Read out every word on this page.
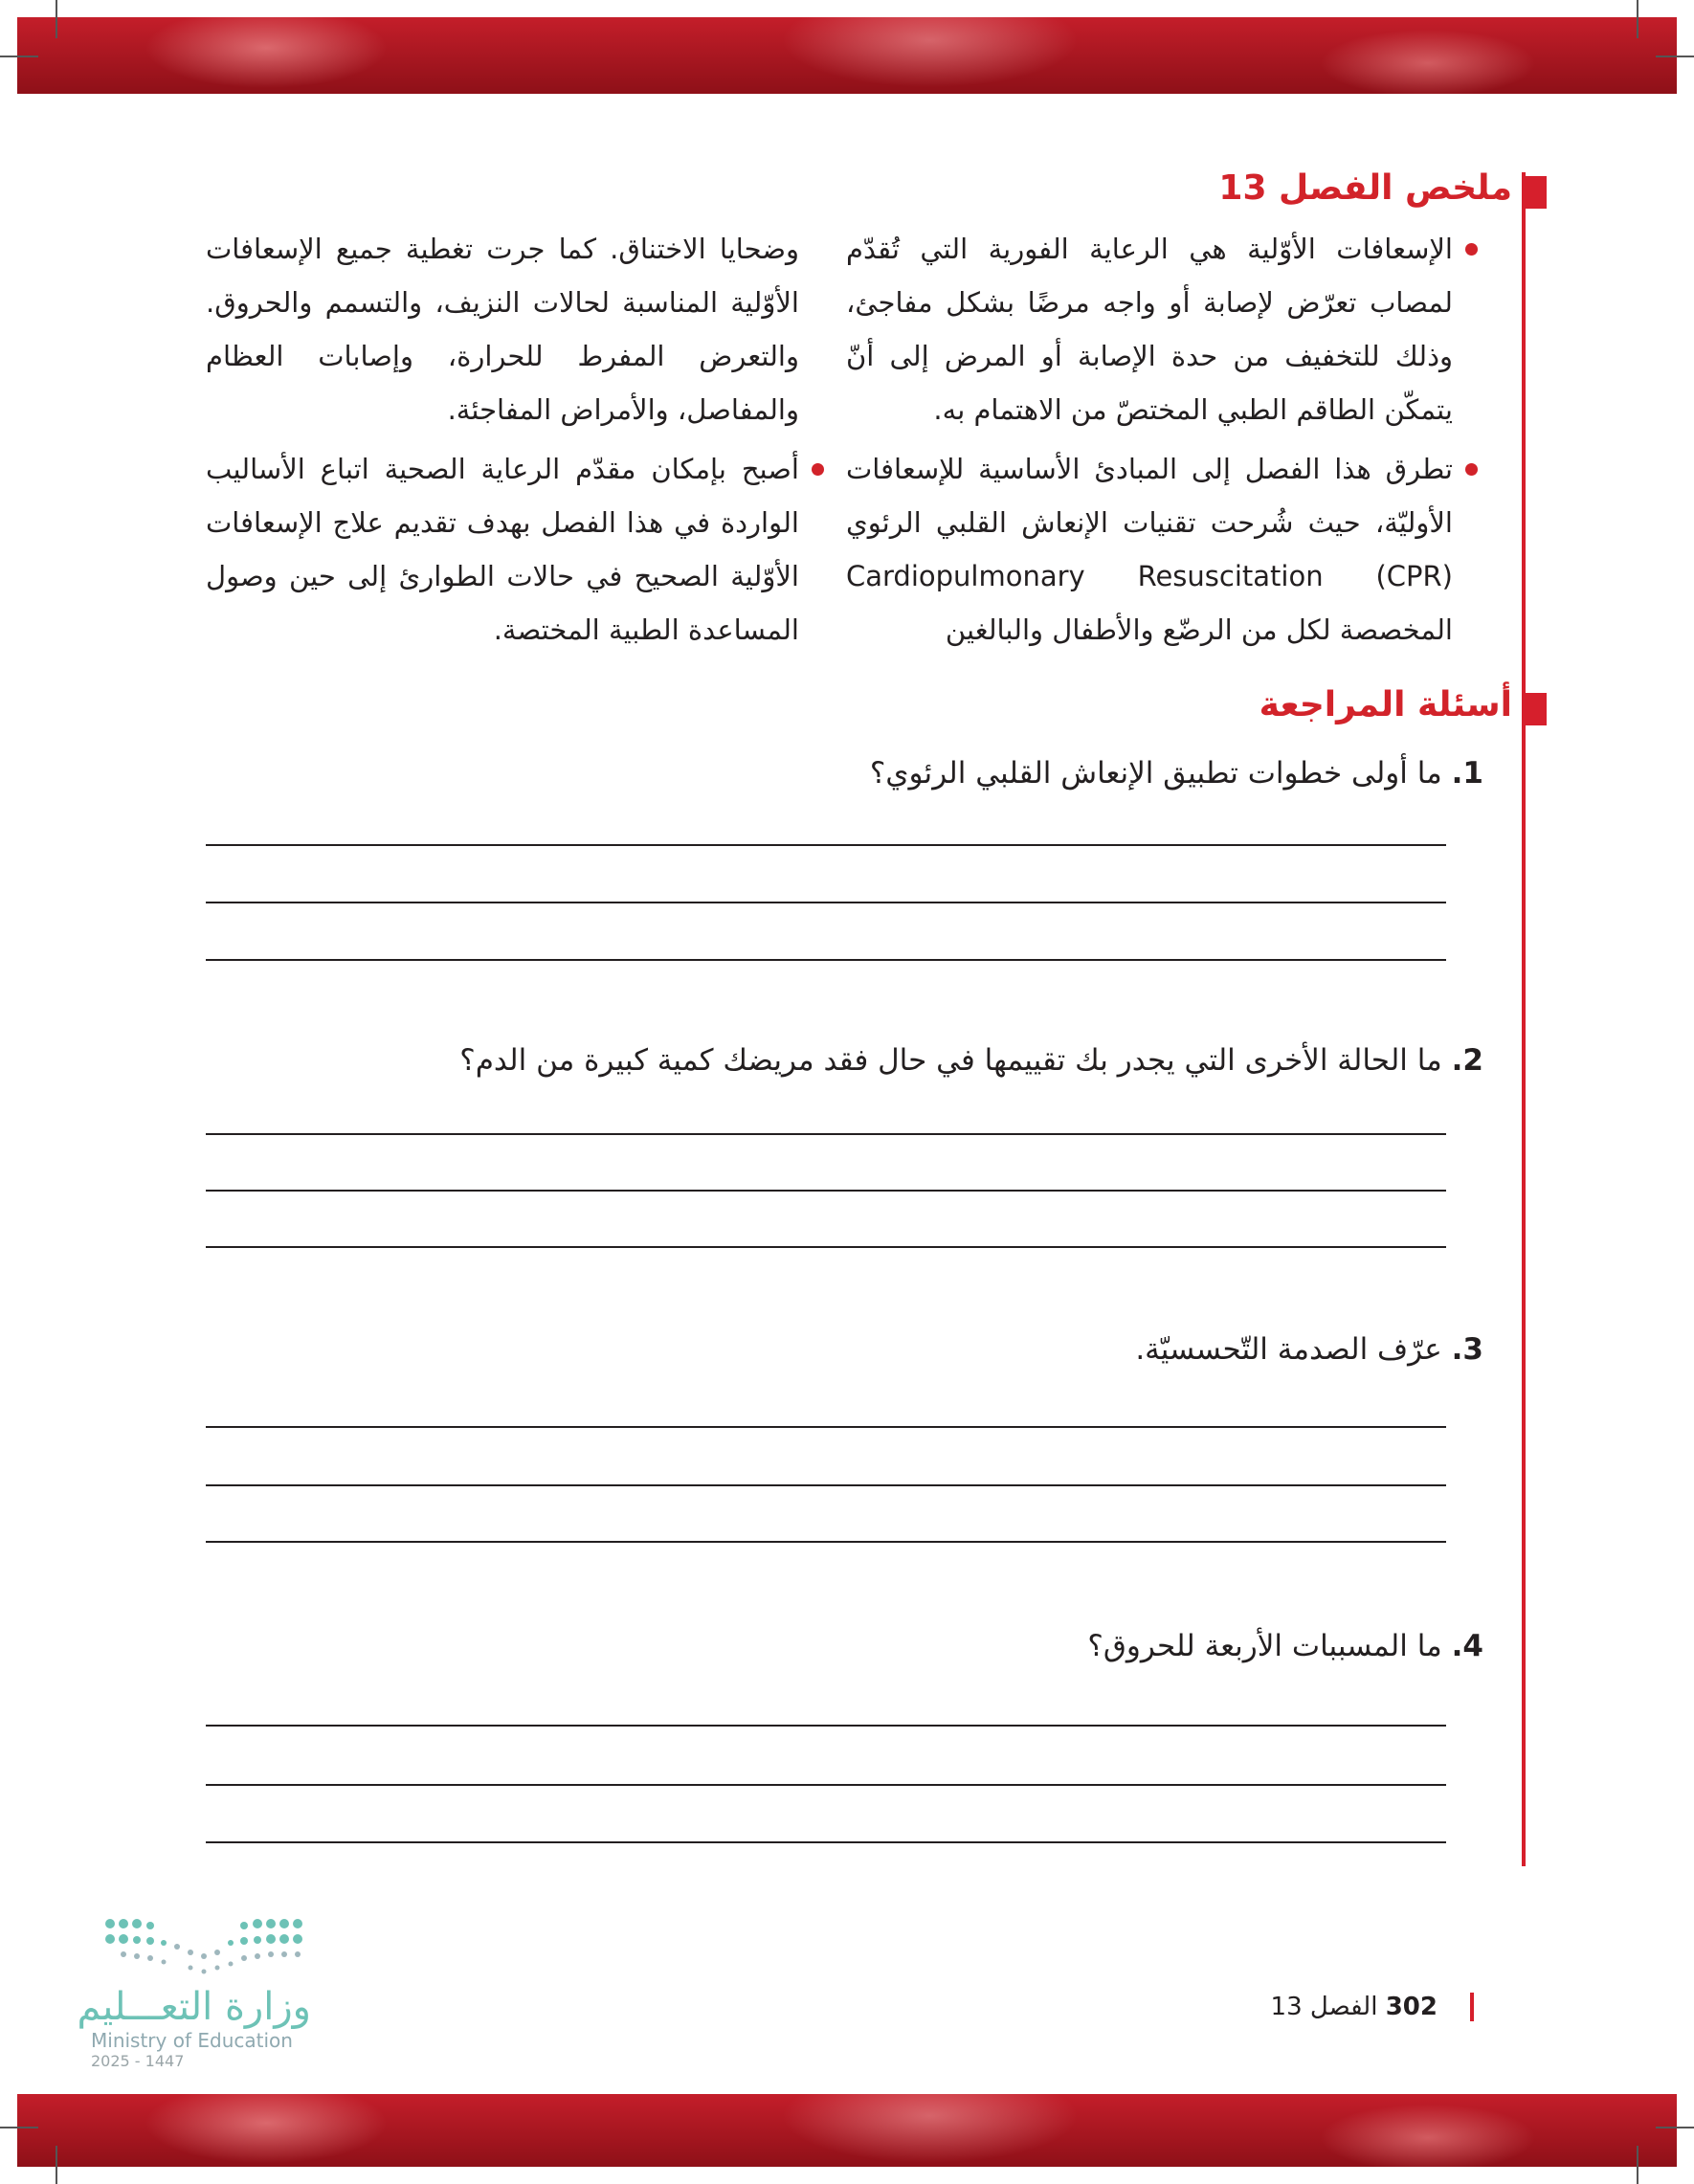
ملخص الفصل 13

الإسعافات الأوّلية هي الرعاية الفورية التي تُقدّم لمصاب تعرّض لإصابة أو واجه مرضًا بشكل مفاجئ، وذلك للتخفيف من حدة الإصابة أو المرض إلى أنّ يتمكّن الطاقم الطبي المختصّ من الاهتمام به.

تطرق هذا الفصل إلى المبادئ الأساسية للإسعافات الأوليّة، حيث شُرحت تقنيات الإنعاش القلبي الرئوي (Cardiopulmonary Resuscitation (CPR المخصصة لكل من الرضّع والأطفال والبالغين

وضحايا الاختناق. كما جرت تغطية جميع الإسعافات الأوّلية المناسبة لحالات النزيف، والتسمم والحروق. والتعرض المفرط للحرارة، وإصابات العظام والمفاصل، والأمراض المفاجئة.

أصبح بإمكان مقدّم الرعاية الصحية اتباع الأساليب الواردة في هذا الفصل بهدف تقديم علاج الإسعافات الأوّلية الصحيح في حالات الطوارئ إلى حين وصول المساعدة الطبية المختصة.

أسئلة المراجعة
1. ما أولى خطوات تطبيق الإنعاش القلبي الرئوي؟
2. ما الحالة الأخرى التي يجدر بك تقييمها في حال فقد مريضك كمية كبيرة من الدم؟
3. عرّف الصدمة التّحسسيّة.
4. ما المسببات الأربعة للحروق؟
302 الفصل 13
وزارة التعـــليم
Ministry of Education
2025 - 1447
